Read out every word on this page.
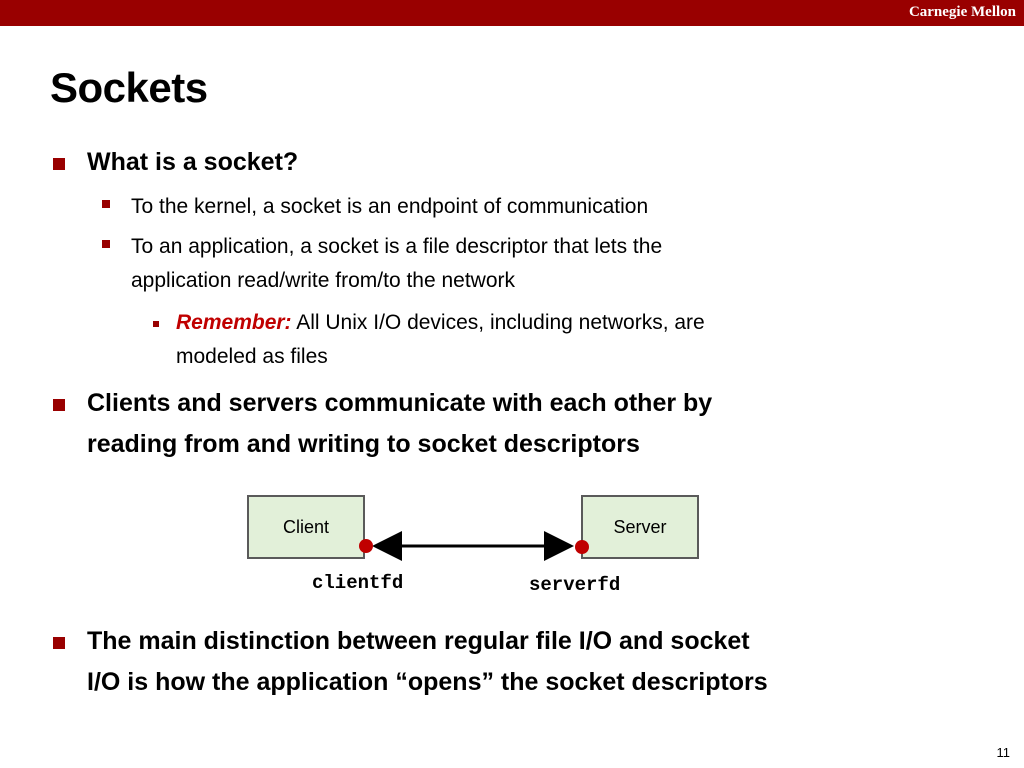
Carnegie Mellon
Sockets
What is a socket?
To the kernel, a socket is an endpoint of communication
To an application, a socket is a file descriptor that lets the
application read/write from/to the network
Remember: All Unix I/O devices, including networks, are
modeled as files
Clients and servers communicate with each other by
reading from and writing to socket descriptors
Client	Server
clientfd	serverfd
The main distinction between regular file I/O and socket
I/O is how the application “opens” the socket descriptors
11
